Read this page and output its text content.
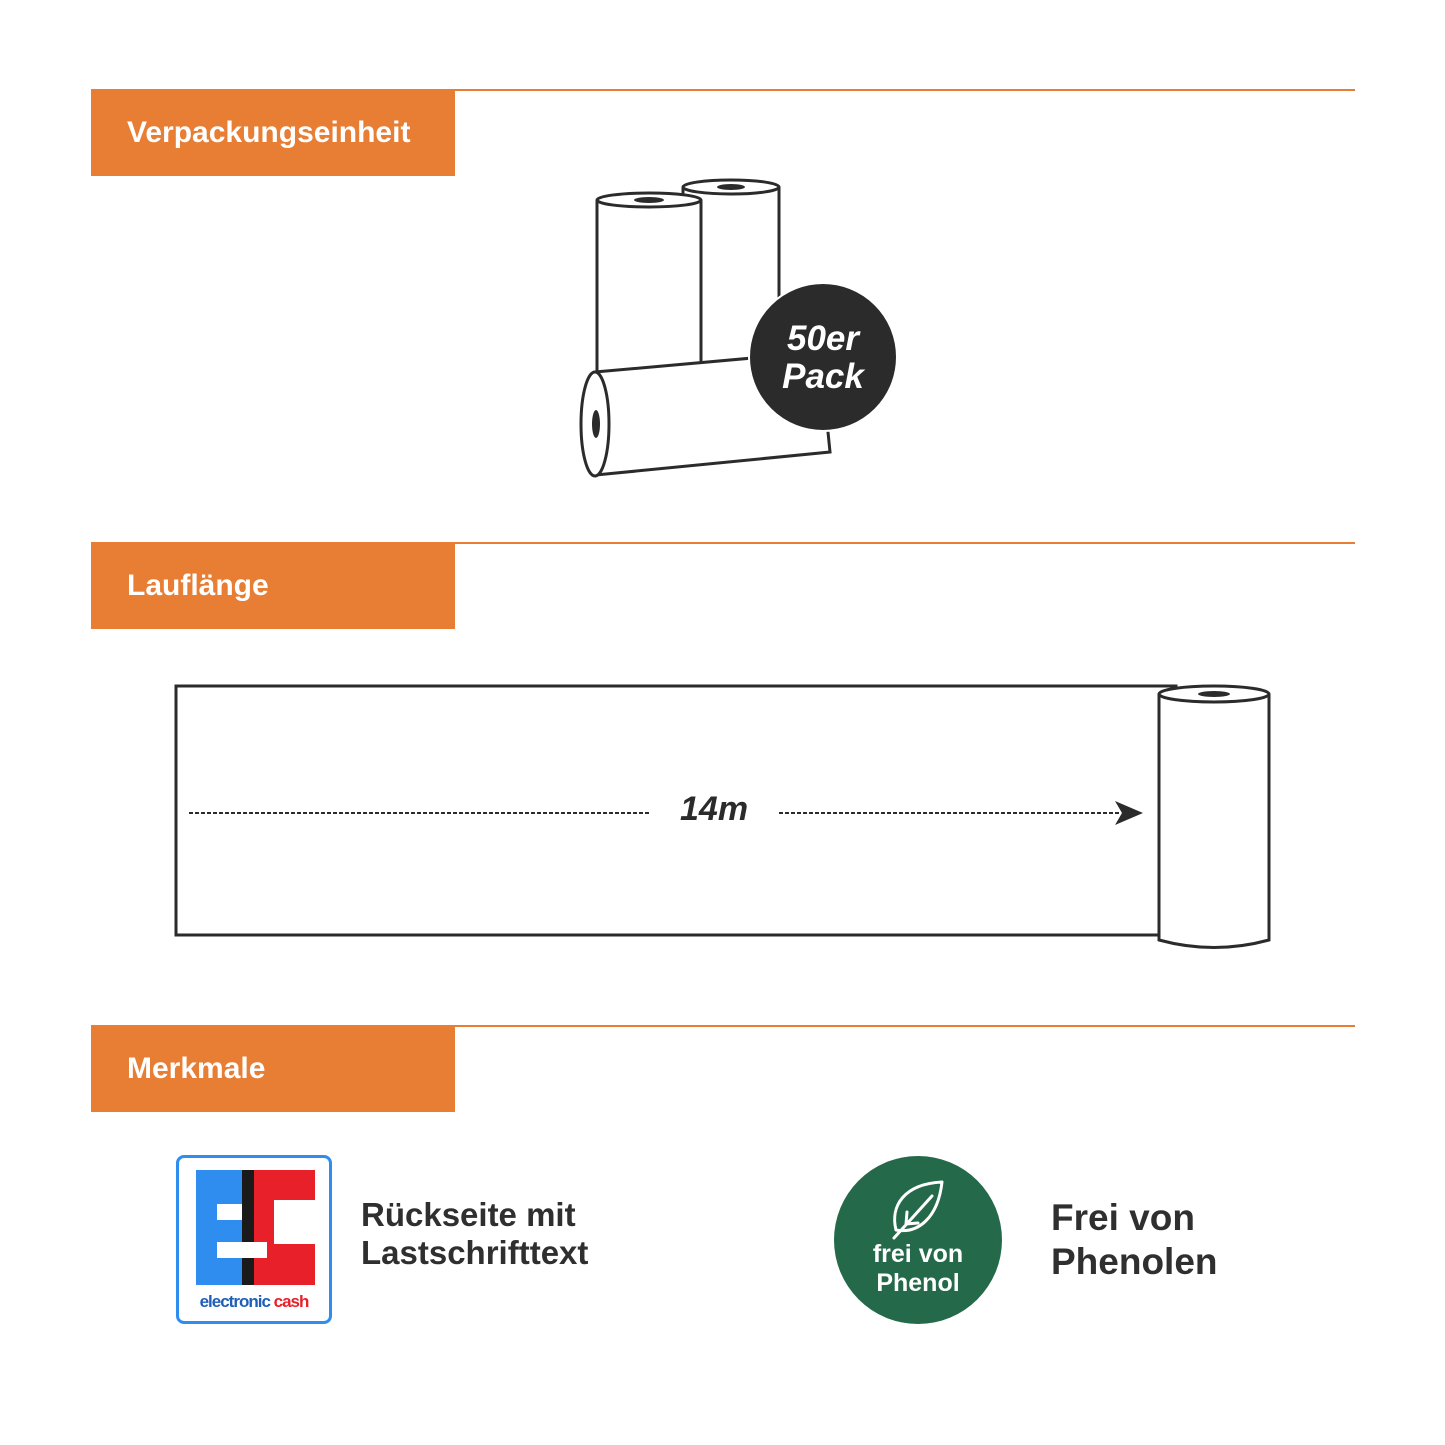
Verpackungseinheit
50er
Pack
Lauflänge
14m
Merkmale
electronic cash
Rückseite mit
Lastschrifttext	frei von
Phenol
Frei von
Phenolen
